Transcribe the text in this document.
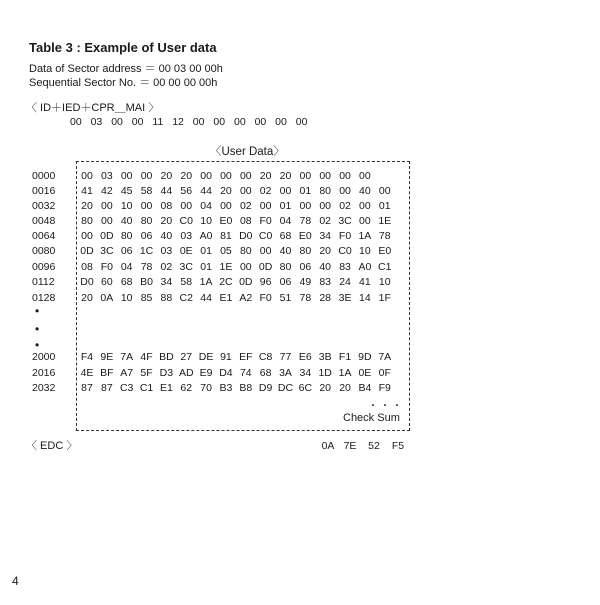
Table 3 : Example of User data
Data of Sector address ＝ 00 03 00 00h
Sequential Sector No. ＝ 00 00 00 00h
〈 ID＋IED＋CPR＿MAI 〉
00 03 00 00 11 12 00 00 00 00 00 00
〈User Data〉
0000	00 03 00 00 20 20 00 00 00 20 20 00 00 00 00
0016	41 42 45 58 44 56 44 20 00 02 00 01 80 00 40 00
0032	20 00 10 00 08 00 04 00 02 00 01 00 00 02 00 01
0048	80 00 40 80 20 C0 10 E0 08 F0 04 78 02 3C 00 1E
0064	00 0D 80 06 40 03 A0 81 D0 C0 68 E0 34 F0 1A 78
0080	0D 3C 06 1C 03 0E 01 05 80 00 40 80 20 C0 10 E0
0096	08 F0 04 78 02 3C 01 1E 00 0D 80 06 40 83 A0 C1
0112	D0 60 68 B0 34 58 1A 2C 0D 96 06 49 83 24 41 10
0128	20 0A 10 85 88 C2 44 E1 A2 F0 51 78 28 3E 14 1F
2000	F4 9E 7A 4F BD 27 DE 91 EF C8 77 E6 3B F1 9D 7A
2016	4E BF A7 5F D3 AD E9 D4 74 68 3A 34 1D 1A 0E 0F
2032	87 87 C3 C1 E1 62 70 B3 B8 D9 DC 6C 20 20 B4 F9
•
•
•
・・・
Check Sum
〈 EDC 〉	0A 7E	52	F5
4
